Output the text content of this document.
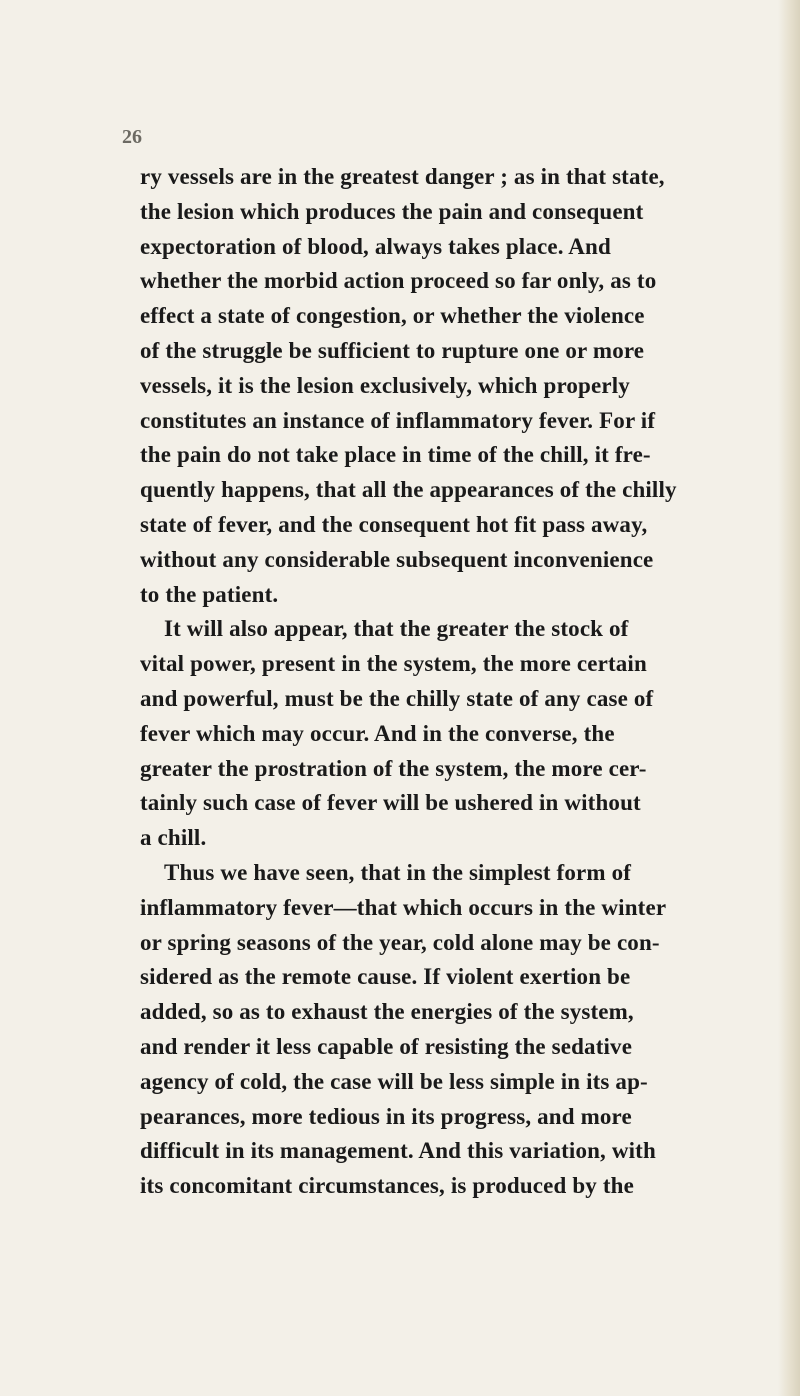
26
ry vessels are in the greatest danger ; as in that state,
the lesion which produces the pain and consequent
expectoration of blood, always takes place. And
whether the morbid action proceed so far only, as to
effect a state of congestion, or whether the violence
of the struggle be sufficient to rupture one or more
vessels, it is the lesion exclusively, which properly
constitutes an instance of inflammatory fever. For if
the pain do not take place in time of the chill, it fre-
quently happens, that all the appearances of the chilly
state of fever, and the consequent hot fit pass away,
without any considerable subsequent inconvenience
to the patient.
It will also appear, that the greater the stock of
vital power, present in the system, the more certain
and powerful, must be the chilly state of any case of
fever which may occur. And in the converse, the
greater the prostration of the system, the more cer-
tainly such case of fever will be ushered in without
a chill.
Thus we have seen, that in the simplest form of
inflammatory fever—that which occurs in the winter
or spring seasons of the year, cold alone may be con-
sidered as the remote cause. If violent exertion be
added, so as to exhaust the energies of the system,
and render it less capable of resisting the sedative
agency of cold, the case will be less simple in its ap-
pearances, more tedious in its progress, and more
difficult in its management. And this variation, with
its concomitant circumstances, is produced by the
